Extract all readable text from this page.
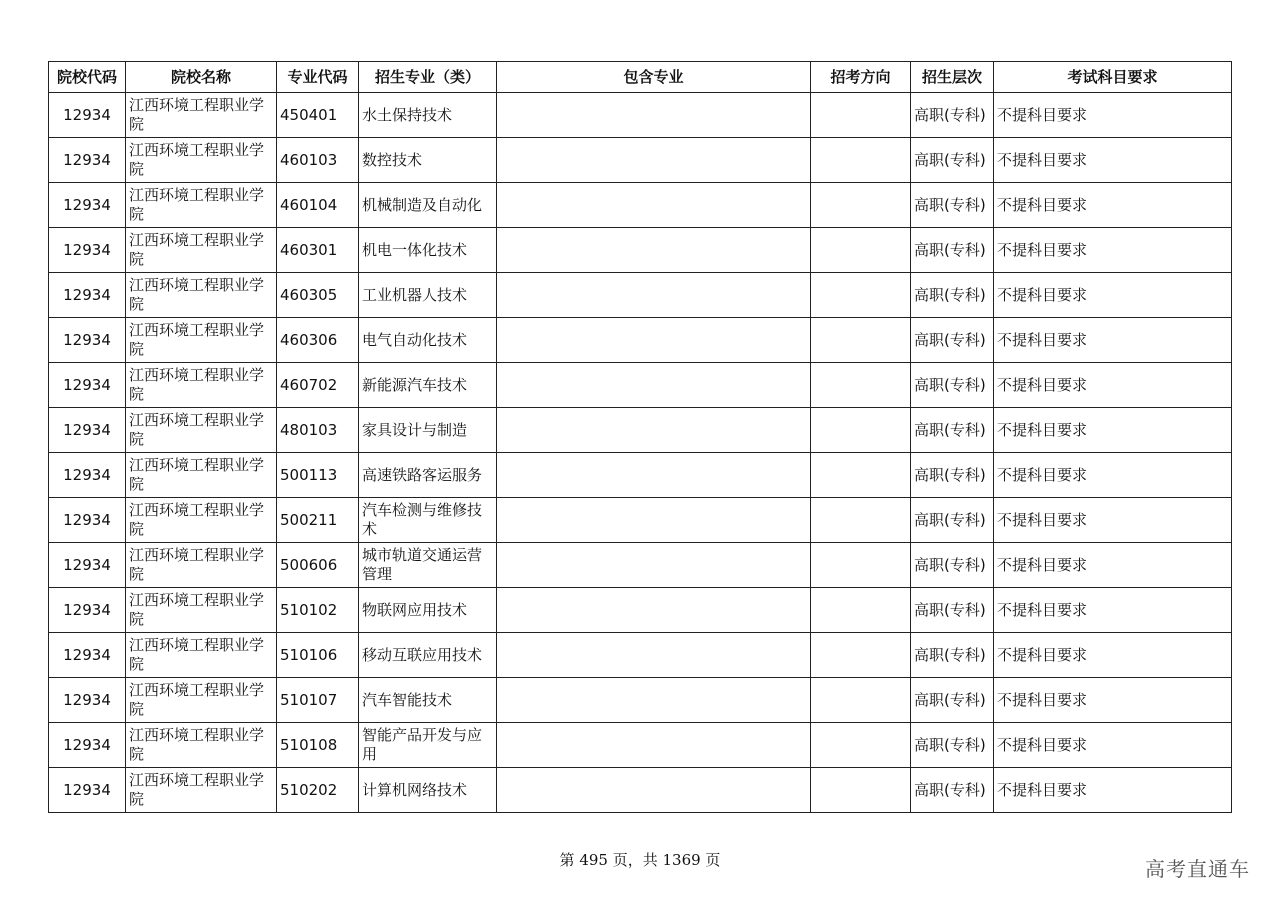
院校代码	院校名称	专业代码	招生专业（类）	包含专业	招考方向	招生层次	考试科目要求
12934	江西环境工程职业学院	450401	水土保持技术			高职(专科)	不提科目要求
12934	江西环境工程职业学院	460103	数控技术			高职(专科)	不提科目要求
12934	江西环境工程职业学院	460104	机械制造及自动化			高职(专科)	不提科目要求
12934	江西环境工程职业学院	460301	机电一体化技术			高职(专科)	不提科目要求
12934	江西环境工程职业学院	460305	工业机器人技术			高职(专科)	不提科目要求
12934	江西环境工程职业学院	460306	电气自动化技术			高职(专科)	不提科目要求
12934	江西环境工程职业学院	460702	新能源汽车技术			高职(专科)	不提科目要求
12934	江西环境工程职业学院	480103	家具设计与制造			高职(专科)	不提科目要求
12934	江西环境工程职业学院	500113	高速铁路客运服务			高职(专科)	不提科目要求
12934	江西环境工程职业学院	500211	汽车检测与维修技术			高职(专科)	不提科目要求
12934	江西环境工程职业学院	500606	城市轨道交通运营管理			高职(专科)	不提科目要求
12934	江西环境工程职业学院	510102	物联网应用技术			高职(专科)	不提科目要求
12934	江西环境工程职业学院	510106	移动互联应用技术			高职(专科)	不提科目要求
12934	江西环境工程职业学院	510107	汽车智能技术			高职(专科)	不提科目要求
12934	江西环境工程职业学院	510108	智能产品开发与应用			高职(专科)	不提科目要求
12934	江西环境工程职业学院	510202	计算机网络技术			高职(专科)	不提科目要求
第 495 页，共 1369 页	高考直通车
